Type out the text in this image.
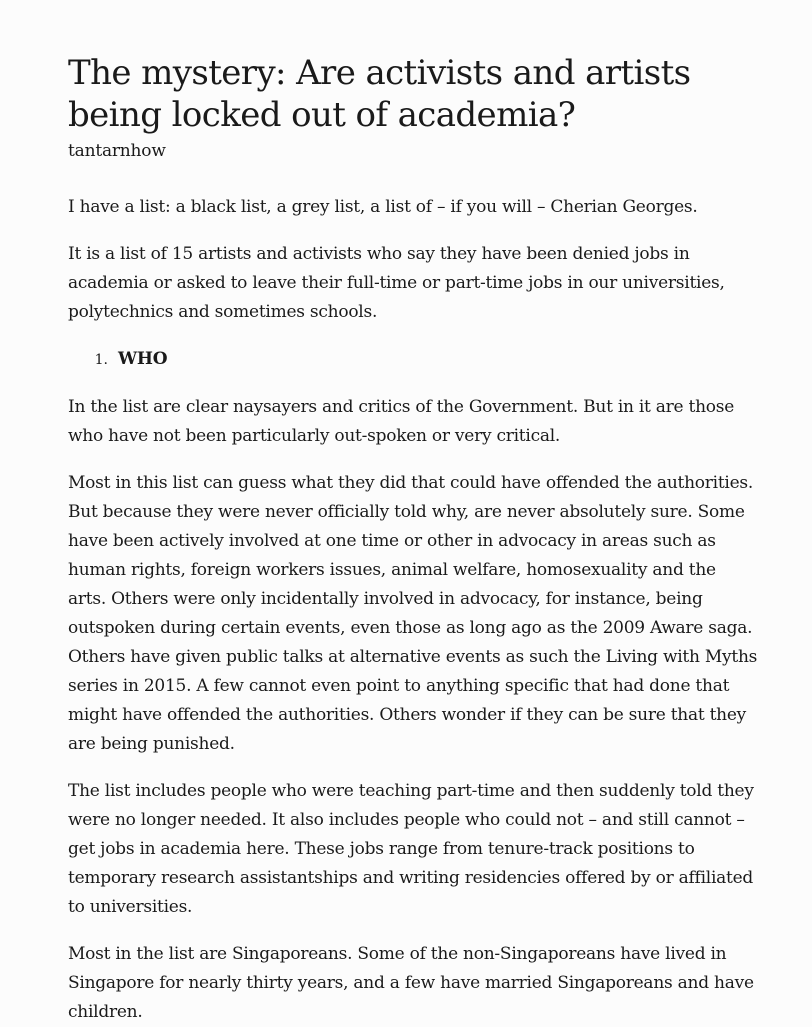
The mystery: Are activists and artists being locked out of academia?
tantarnhow

I have a list: a black list, a grey list, a list of – if you will – Cherian Georges.

It is a list of 15 artists and activists who say they have been denied jobs in academia or asked to leave their full-time or part-time jobs in our universities, polytechnics and sometimes schools.

1. WHO

In the list are clear naysayers and critics of the Government. But in it are those who have not been particularly out-spoken or very critical.

Most in this list can guess what they did that could have offended the authorities. But because they were never officially told why, are never absolutely sure. Some have been actively involved at one time or other in advocacy in areas such as human rights, foreign workers issues, animal welfare, homosexuality and the arts. Others were only incidentally involved in advocacy, for instance, being outspoken during certain events, even those as long ago as the 2009 Aware saga. Others have given public talks at alternative events as such the Living with Myths series in 2015. A few cannot even point to anything specific that had done that might have offended the authorities. Others wonder if they can be sure that they are being punished.

The list includes people who were teaching part-time and then suddenly told they were no longer needed. It also includes people who could not – and still cannot – get jobs in academia here. These jobs range from tenure-track positions to temporary research assistantships and writing residencies offered by or affiliated to universities.

Most in the list are Singaporeans. Some of the non-Singaporeans have lived in Singapore for nearly thirty years, and a few have married Singaporeans and have children.
